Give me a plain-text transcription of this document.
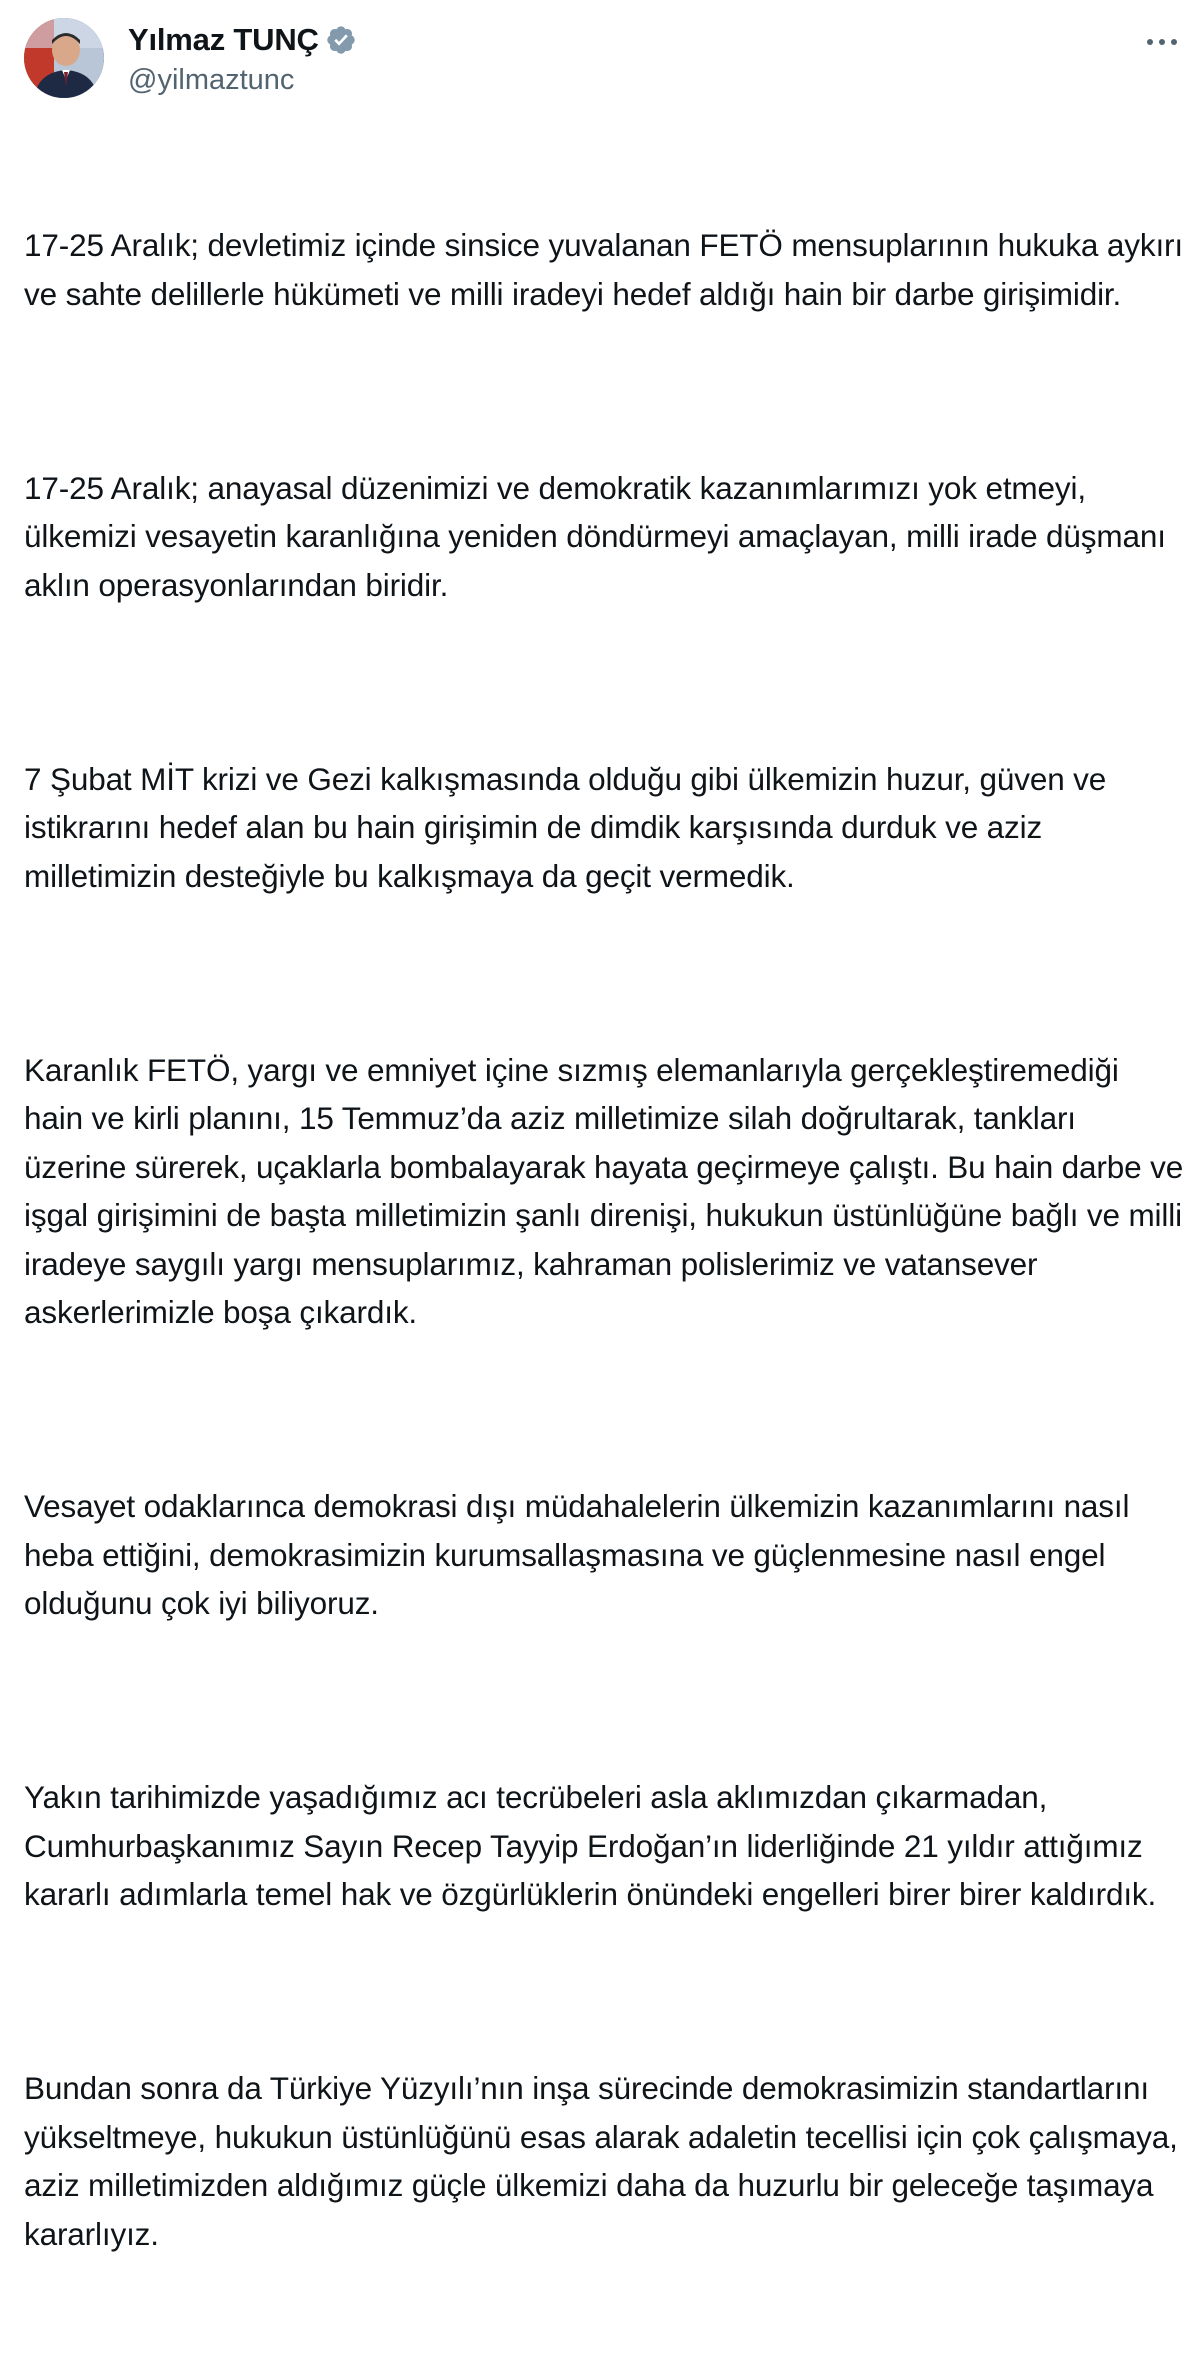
Yılmaz TUNÇ
@yilmaztunc

17-25 Aralık; devletimiz içinde sinsice yuvalanan FETÖ mensuplarının hukuka aykırı ve sahte delillerle hükümeti ve milli iradeyi hedef aldığı hain bir darbe girişimidir.

17-25 Aralık; anayasal düzenimizi ve demokratik kazanımlarımızı yok etmeyi, ülkemizi vesayetin karanlığına yeniden döndürmeyi amaçlayan, milli irade düşmanı aklın operasyonlarından biridir.

7 Şubat MİT krizi ve Gezi kalkışmasında olduğu gibi ülkemizin huzur, güven ve istikrarını hedef alan bu hain girişimin de dimdik karşısında durduk ve aziz milletimizin desteğiyle bu kalkışmaya da geçit vermedik.

Karanlık FETÖ, yargı ve emniyet içine sızmış elemanlarıyla gerçekleştiremediği hain ve kirli planını, 15 Temmuz’da aziz milletimize silah doğrultarak, tankları üzerine sürerek, uçaklarla bombalayarak hayata geçirmeye çalıştı. Bu hain darbe ve işgal girişimini de başta milletimizin şanlı direnişi, hukukun üstünlüğüne bağlı ve milli iradeye saygılı yargı mensuplarımız, kahraman polislerimiz ve vatansever askerlerimizle boşa çıkardık.

Vesayet odaklarınca demokrasi dışı müdahalelerin ülkemizin kazanımlarını nasıl heba ettiğini, demokrasimizin kurumsallaşmasına ve güçlenmesine nasıl engel olduğunu çok iyi biliyoruz.

Yakın tarihimizde yaşadığımız acı tecrübeleri asla aklımızdan çıkarmadan, Cumhurbaşkanımız Sayın Recep Tayyip Erdoğan’ın liderliğinde 21 yıldır attığımız kararlı adımlarla temel hak ve özgürlüklerin önündeki engelleri birer birer kaldırdık.

Bundan sonra da Türkiye Yüzyılı’nın inşa sürecinde demokrasimizin standartlarını yükseltmeye, hukukun üstünlüğünü esas alarak adaletin tecellisi için çok çalışmaya, aziz milletimizden aldığımız güçle ülkemizi daha da huzurlu bir geleceğe taşımaya kararlıyız.
